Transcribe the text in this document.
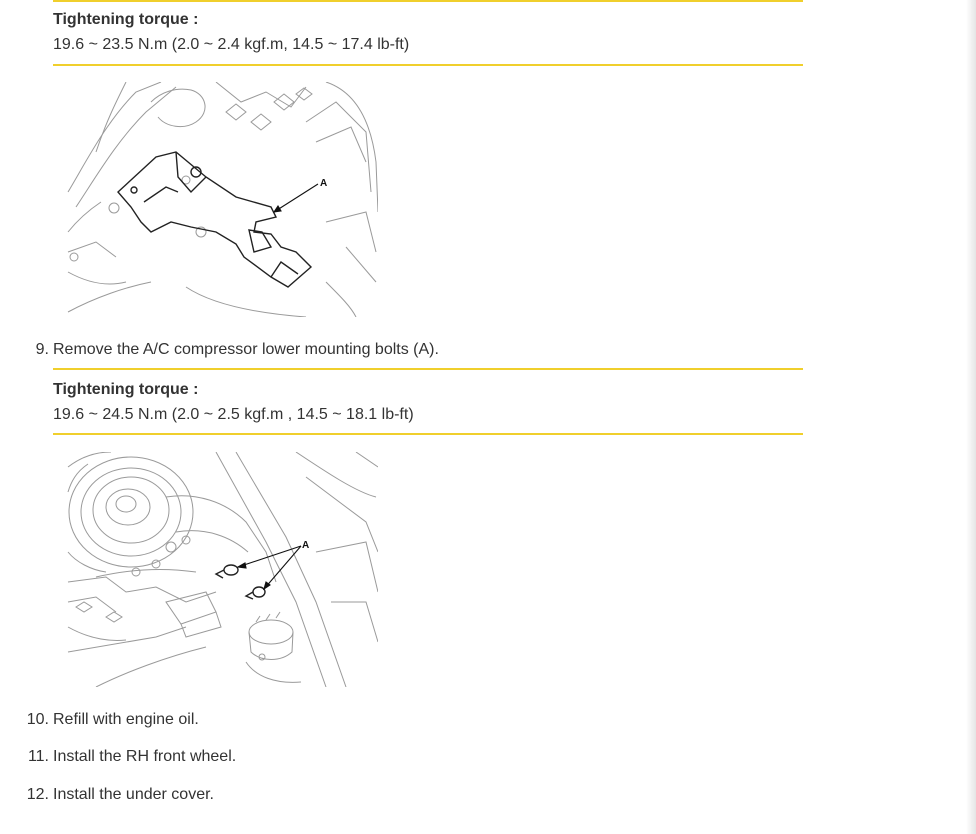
Tightening torque :
19.6 ~ 23.5 N.m (2.0 ~ 2.4 kgf.m, 14.5 ~ 17.4 lb-ft)
A
9. Remove the A/C compressor lower mounting bolts (A).
Tightening torque :
19.6 ~ 24.5 N.m (2.0 ~ 2.5 kgf.m , 14.5 ~ 18.1 lb-ft)
A
10. Refill with engine oil.
11. Install the RH front wheel.
12. Install the under cover.
